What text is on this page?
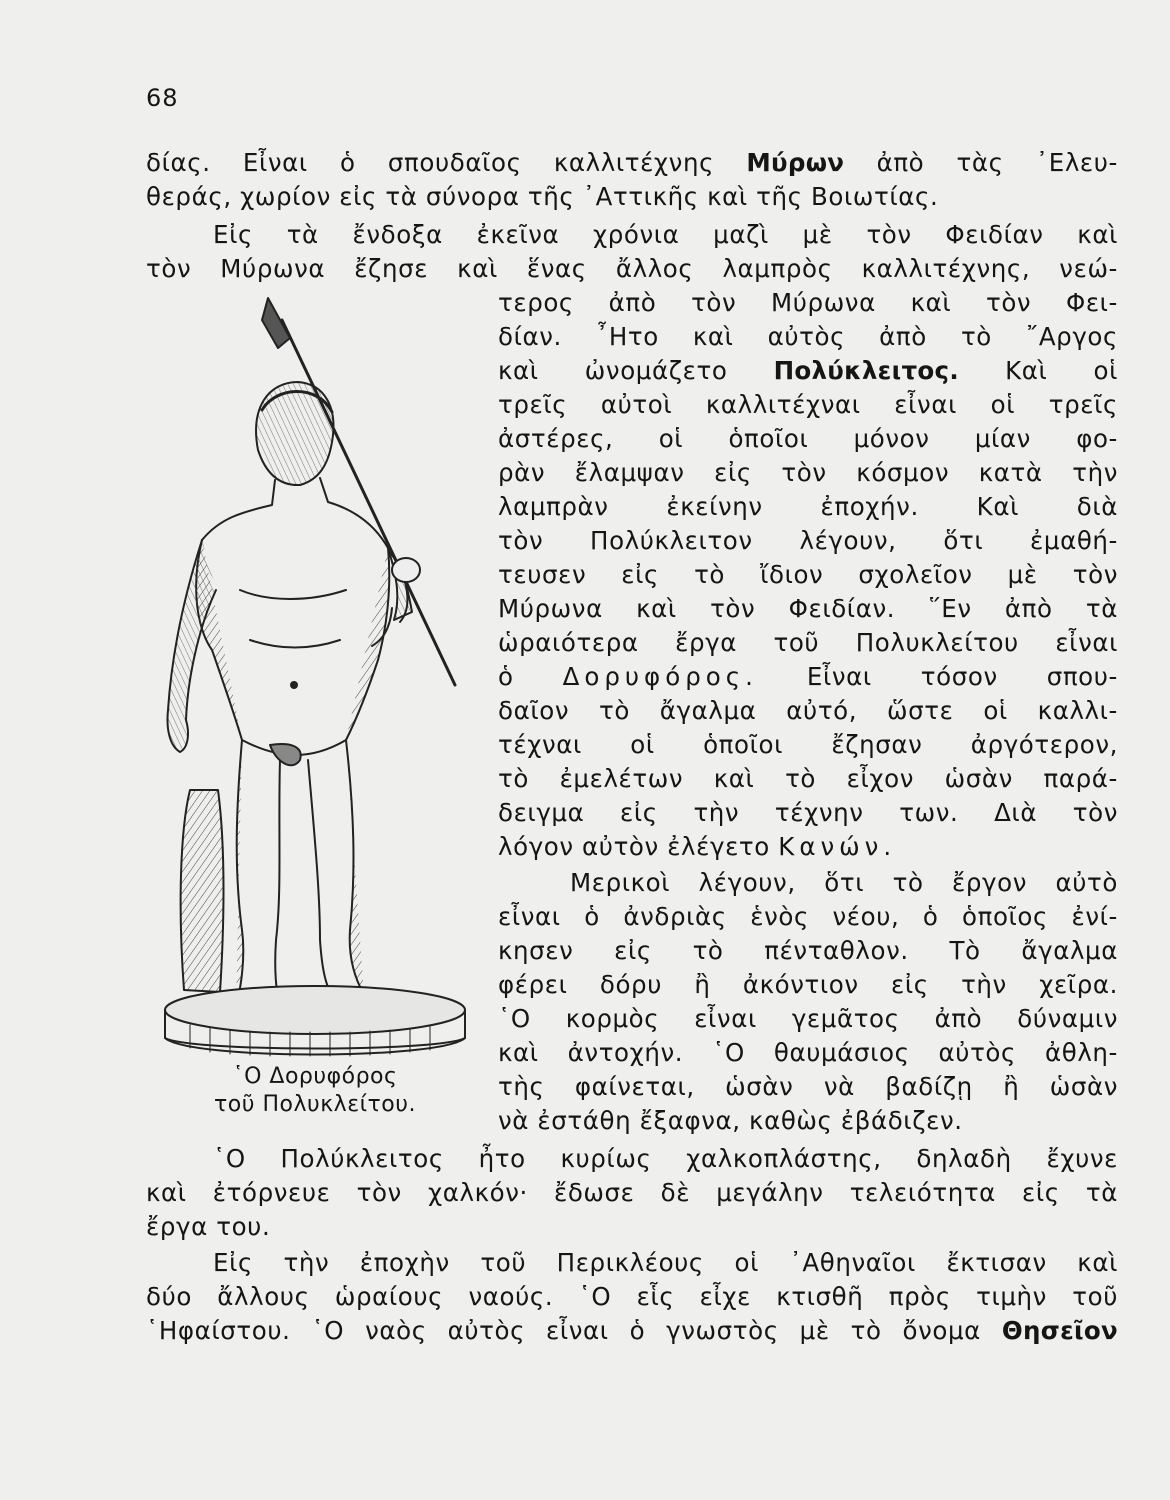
68
δίας. Εἶναι ὁ σπουδαῖος καλλιτέχνης Μύρων ἀπὸ τὰς ᾿Ελευ-
θεράς, χωρίον εἰς τὰ σύνορα τῆς ᾿Αττικῆς καὶ τῆς Βοιωτίας.
Εἰς τὰ ἔνδοξα ἐκεῖνα χρόνια μαζὶ μὲ τὸν Φειδίαν καὶ
τὸν Μύρωνα ἔζησε καὶ ἕνας ἄλλος λαμπρὸς καλλιτέχνης, νεώ-
τερος ἀπὸ τὸν Μύρωνα καὶ τὸν Φει-
δίαν. ῏Ητο καὶ αὐτὸς ἀπὸ τὸ ῎Αργος
καὶ ὠνομάζετο Πολύκλειτος. Καὶ οἱ
τρεῖς αὐτοὶ καλλιτέχναι εἶναι οἱ τρεῖς
ἀστέρες, οἱ ὁποῖοι μόνον μίαν φο-
ρὰν ἔλαμψαν εἰς τὸν κόσμον κατὰ τὴν
λαμπρὰν ἐκείνην ἐποχήν. Καὶ διὰ
τὸν Πολύκλειτον λέγουν, ὅτι ἐμαθή-
τευσεν εἰς τὸ ἴδιον σχολεῖον μὲ τὸν
Μύρωνα καὶ τὸν Φειδίαν. ῞Εν ἀπὸ τὰ
ὡραιότερα ἔργα τοῦ Πολυκλείτου εἶναι
ὁ Δορυφόρος. Εἶναι τόσον σπου-
δαῖον τὸ ἄγαλμα αὐτό, ὥστε οἱ καλλι-
τέχναι οἱ ὁποῖοι ἔζησαν ἀργότερον,
τὸ ἐμελέτων καὶ τὸ εἶχον ὡσὰν παρά-
δειγμα εἰς τὴν τέχνην των. Διὰ τὸν
λόγον αὐτὸν ἐλέγετο Κανών.
Μερικοὶ λέγουν, ὅτι τὸ ἔργον αὐτὸ
εἶναι ὁ ἀνδριὰς ἑνὸς νέου, ὁ ὁποῖος ἐνί-
κησεν εἰς τὸ πένταθλον. Τὸ ἄγαλμα
φέρει δόρυ ἢ ἀκόντιον εἰς τὴν χεῖρα.
῾Ο κορμὸς εἶναι γεμᾶτος ἀπὸ δύναμιν
καὶ ἀντοχήν. ῾Ο θαυμάσιος αὐτὸς ἀθλη-
τὴς φαίνεται, ὡσὰν νὰ βαδίζῃ ἢ ὡσὰν
νὰ ἐστάθη ἔξαφνα, καθὼς ἐβάδιζεν.
῾Ο Πολύκλειτος ἦτο κυρίως χαλκοπλάστης, δηλαδὴ ἔχυνε
καὶ ἐτόρνευε τὸν χαλκόν· ἔδωσε δὲ μεγάλην τελειότητα εἰς τὰ
ἔργα του.
Εἰς τὴν ἐποχὴν τοῦ Περικλέους οἱ ᾿Αθηναῖοι ἔκτισαν καὶ
δύο ἄλλους ὡραίους ναούς. ῾Ο εἷς εἶχε κτισθῆ πρὸς τιμὴν τοῦ
῾Ηφαίστου. ῾Ο ναὸς αὐτὸς εἶναι ὁ γνωστὸς μὲ τὸ ὄνομα Θησεῖον
῾Ο Δορυφόρος
τοῦ Πολυκλείτου.
